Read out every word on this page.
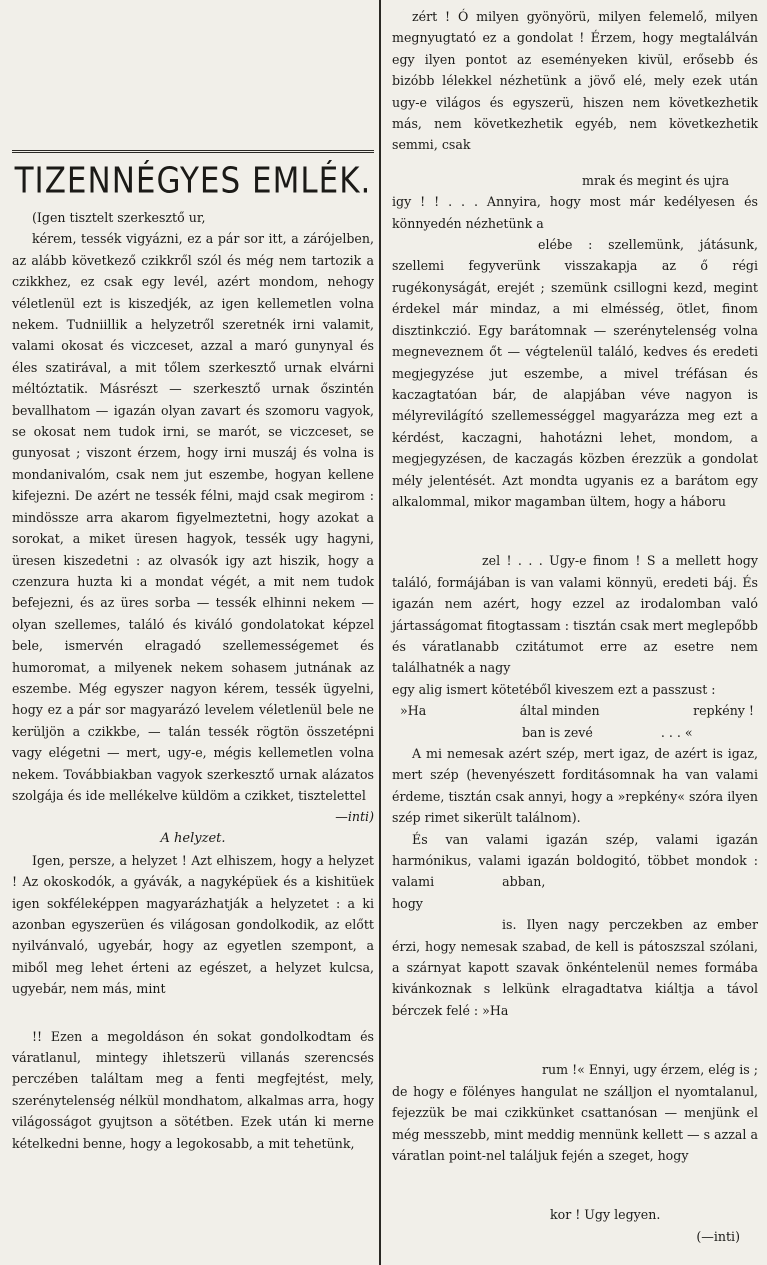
TIZENNÉGYES EMLÉK.

(Igen tisztelt szerkesztő ur,

kérem, tessék vigyázni, ez a pár sor itt, a zárójelben, az alább következő czikkről szól és még nem tartozik a czikkhez, ez csak egy levél, azért mondom, nehogy véletlenül ezt is kiszedjék, az igen kellemetlen volna nekem. Tudniillik a helyzetről szeretnék irni valamit, valami okosat és viczceset, azzal a maró gunynyal és éles szatirával, a mit tőlem szerkesztő urnak elvárni méltóztatik. Másrészt — szerkesztő urnak őszintén bevallhatom — igazán olyan zavart és szomoru vagyok, se okosat nem tudok irni, se marót, se viczceset, se gunyosat ; viszont érzem, hogy irni muszáj és volna is mondanivalóm, csak nem jut eszembe, hogyan kellene kifejezni. De azért ne tessék félni, majd csak megirom : mindössze arra akarom figyelmeztetni, hogy azokat a sorokat, a miket üresen hagyok, tessék ugy hagyni, üresen kiszedetni : az olvasók igy azt hiszik, hogy a czenzura huzta ki a mondat végét, a mit nem tudok befejezni, és az üres sorba — tessék elhinni nekem — olyan szellemes, találó és kiváló gondolatokat képzel bele, ismervén elragadó szellemességemet és humoromat, a milyenek nekem sohasem jutnának az eszembe. Még egyszer nagyon kérem, tessék ügyelni, hogy ez a pár sor magyarázó levelem véletlenül bele ne kerüljön a czikkbe, — talán tessék rögtön összetépni vagy elégetni — mert, ugy-e, mégis kellemetlen volna nekem. Továbbiakban vagyok szerkesztő urnak alázatos szolgája és ide mellékelve küldöm a czikket, tisztelettel

—inti)

A helyzet.

Igen, persze, a helyzet ! Azt elhiszem, hogy a helyzet ! Az okoskodók, a gyávák, a nagyképüek és a kishitüek igen sokféleképpen magyarázhatják a helyzetet : a ki azonban egyszerüen és világosan gondolkodik, az előtt nyilvánvaló, ugyebár, hogy az egyetlen szempont, a miből meg lehet érteni az egészet, a helyzet kulcsa, ugyebár, nem más, mint

!! Ezen a megoldáson én sokat gondolkodtam és váratlanul, mintegy ihletszerü villanás szerencsés perczében találtam meg a fenti megfejtést, mely, szerénytelenség nélkül mondhatom, alkalmas arra, hogy világosságot gyujtson a sötétben. Ezek után ki merne kételkedni benne, hogy a legokosabb, a mit tehetünk,

zért ! Ó milyen gyönyörü, milyen felemelő, milyen megnyugtató ez a gondolat ! Érzem, hogy megtalálván egy ilyen pontot az eseményeken kivül, erősebb és bizóbb lélekkel nézhetünk a jövő elé, mely ezek után ugy-e világos és egyszerü, hiszen nem következhetik más, nem következhetik egyéb, nem következhetik semmi, csak

mrak és megint és ujra

igy ! ! . . . Annyira, hogy most már kedélyesen és könnyedén nézhetünk a

elébe : szellemünk, játásunk, szellemi fegyverünk visszakapja az ő régi rugékonyságát, erejét ; szemünk csillogni kezd, megint érdekel már mindaz, a mi elmésség, ötlet, finom disztinkczió. Egy barátomnak — szerénytelenség volna megneveznem őt — végtelenül találó, kedves és eredeti megjegyzése jut eszembe, a mivel tréfásan és kaczagtatóan bár, de alapjában véve nagyon is mélyrevilágító szellemességgel magyarázza meg ezt a kérdést, kaczagni, hahotázni lehet, mondom, a megjegyzésen, de kaczagás közben érezzük a gondolat mély jelentését. Azt mondta ugyanis ez a barátom egy alkalommal, mikor magamban ültem, hogy a háboru

zel ! . . . Ugy-e finom ! S a mellett hogy találó, formájában is van valami könnyü, eredeti báj. És igazán nem azért, hogy ezzel az irodalomban való jártasságomat fitogtassam : tisztán csak mert meglepőbb és váratlanabb czitátumot erre az esetre nem találhatnék a nagy

egy alig ismert kötetéből kiveszem ezt a passzust :

»Ha	által minden	repkény !

ban is zevé	. . . «

A mi nemesak azért szép, mert igaz, de azért is igaz, mert szép (hevenyészett forditásomnak ha van valami érdeme, tisztán csak annyi, hogy a »repkény« szóra ilyen szép rimet sikerült találnom).

És van valami igazán szép, valami igazán harmónikus, valami igazán boldogitó, többet mondok : valami	abban,

hogy

is. Ilyen nagy perczekben az ember érzi, hogy nemesak szabad, de kell is pátoszszal szólani, a szárnyat kapott szavak önkéntelenül nemes formába kivánkoznak s lelkünk elragadtatva kiáltja a távol bérczek felé : »Ha

rum !« Ennyi, ugy érzem, elég is ; de hogy e fölényes hangulat ne szálljon el nyomtalanul, fejezzük be mai czikkünket csattanósan — menjünk el még messzebb, mint meddig mennünk kellett — s azzal a váratlan point-nel találjuk fején a szeget, hogy

kor ! Ugy legyen.

(—inti)
